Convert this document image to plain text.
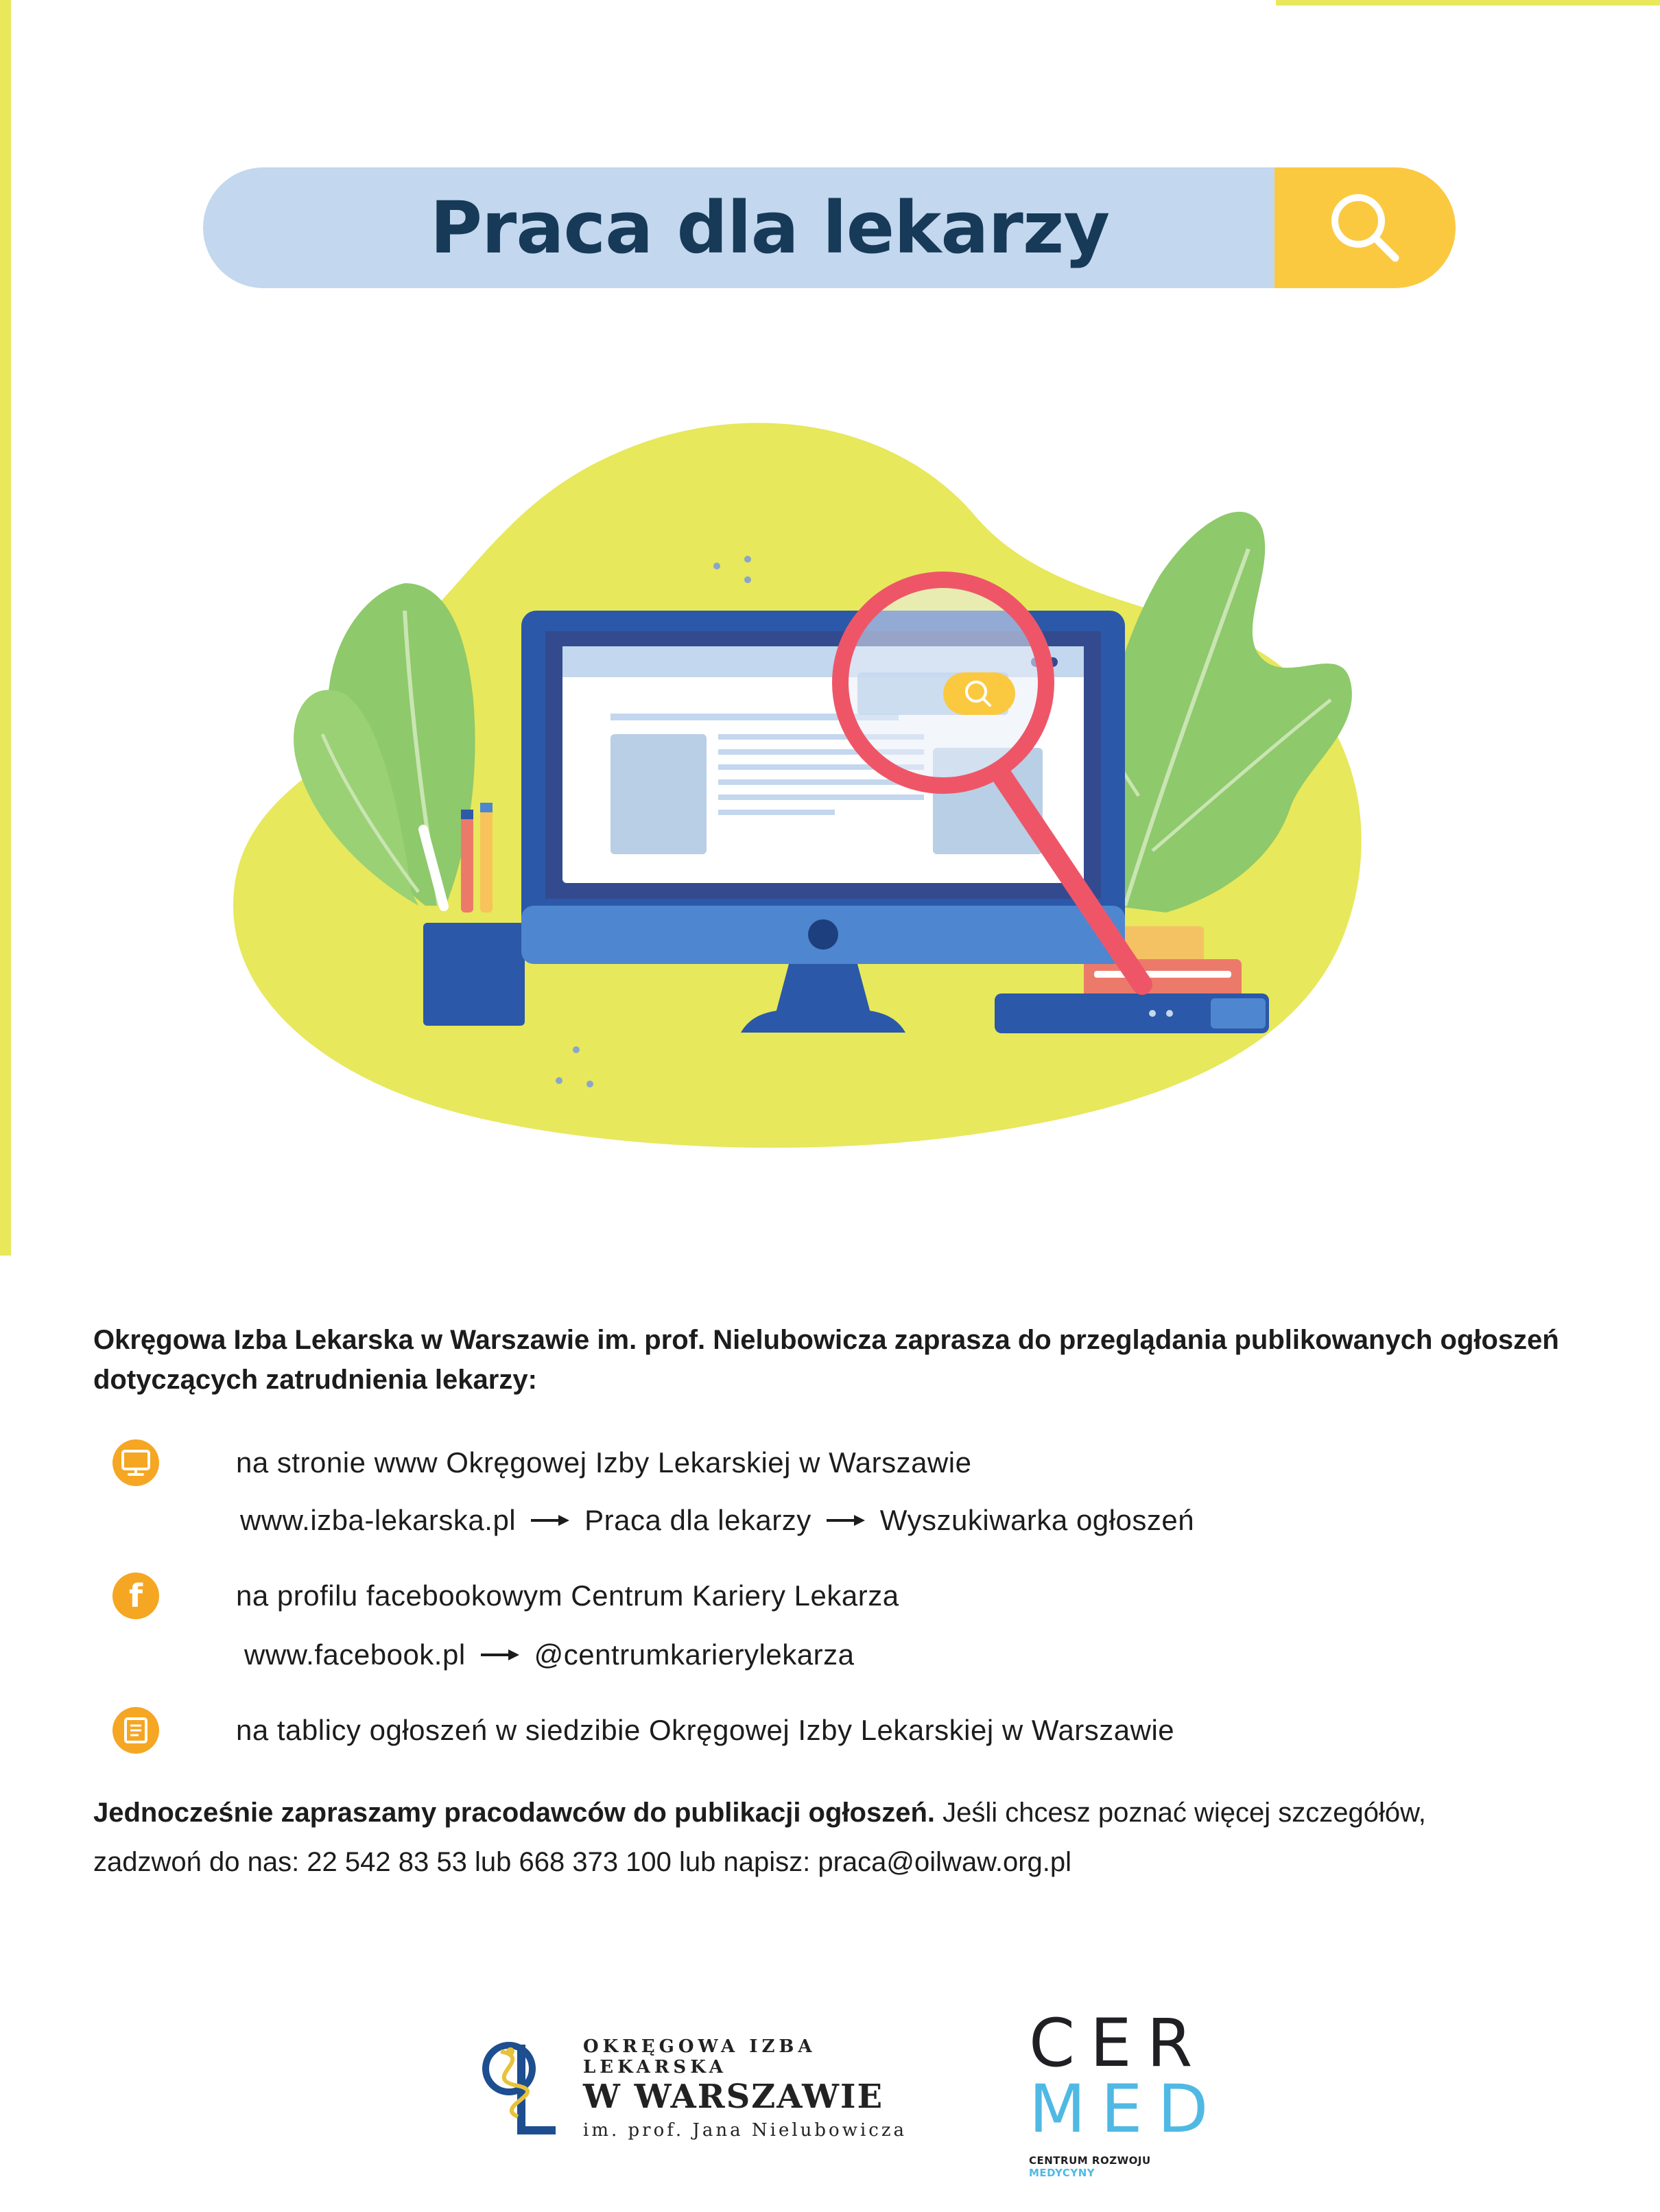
Praca dla lekarzy
Okręgowa Izba Lekarska w Warszawie im. prof. Nielubowicza zaprasza do przeglądania publikowanych ogłoszeń dotyczących zatrudnienia lekarzy:
na stronie www Okręgowej Izby Lekarskiej w Warszawie
www.izba-lekarska.pl Praca dla lekarzy Wyszukiwarka ogłoszeń
f	na profilu facebookowym Centrum Kariery Lekarza
www.facebook.pl @centrumkarierylekarza
na tablicy ogłoszeń w siedzibie Okręgowej Izby Lekarskiej w Warszawie
Jednocześnie zapraszamy pracodawców do publikacji ogłoszeń. Jeśli chcesz poznać więcej szczegółów,
zadzwoń do nas: 22 542 83 53 lub 668 373 100 lub napisz: praca@oilwaw.org.pl
OKRĘGOWA IZBA LEKARSKA
W WARSZAWIE
im. prof. Jana Nielubowicza
CER
MED
CENTRUM ROZWOJU MEDYCYNY
